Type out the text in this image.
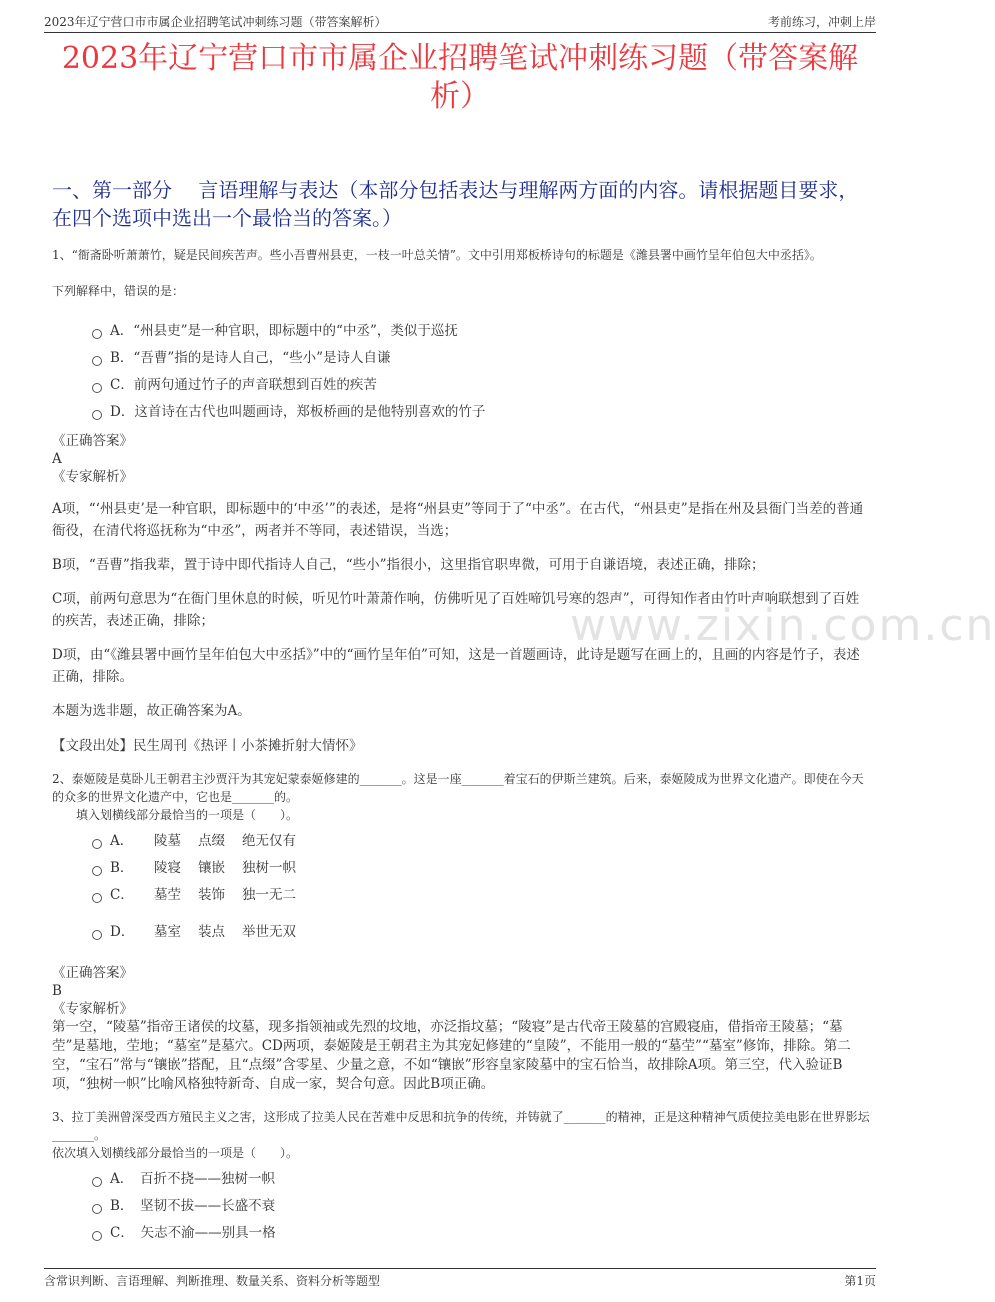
2023年辽宁营口市市属企业招聘笔试冲刺练习题（带答案解析）	考前练习，冲刺上岸
2023年辽宁营口市市属企业招聘笔试冲刺练习题（带答案解析）
一、第一部分　 言语理解与表达（本部分包括表达与理解两方面的内容。请根据题目要求，在四个选项中选出一个最恰当的答案。）
www.zixin.com.cn

1、“衙斋卧听萧萧竹，疑是民间疾苦声。些小吾曹州县吏，一枝一叶总关情”。文中引用郑板桥诗句的标题是《潍县署中画竹呈年伯包大中丞括》。

下列解释中，错误的是：

A．“州县吏”是一种官职，即标题中的“中丞”，类似于巡抚
B．“吾曹”指的是诗人自己，“些小”是诗人自谦
C．前两句通过竹子的声音联想到百姓的疾苦
D．这首诗在古代也叫题画诗，郑板桥画的是他特别喜欢的竹子
《正确答案》
A
《专家解析》

A项，“‘州县吏’是一种官职，即标题中的‘中丞’”的表述，是将“州县吏”等同于了“中丞”。在古代，“州县吏”是指在州及县衙门当差的普通衙役，在清代将巡抚称为“中丞”，两者并不等同，表述错误，当选；

B项，“吾曹”指我辈，置于诗中即代指诗人自己，“些小”指很小，这里指官职卑微，可用于自谦语境，表述正确，排除；

C项，前两句意思为“在衙门里休息的时候，听见竹叶萧萧作响，仿佛听见了百姓啼饥号寒的怨声”，可得知作者由竹叶声响联想到了百姓的疾苦，表述正确，排除；

D项，由“《潍县署中画竹呈年伯包大中丞括》”中的“画竹呈年伯”可知，这是一首题画诗，此诗是题写在画上的，且画的内容是竹子，表述正确，排除。

本题为选非题，故正确答案为A。

【文段出处】民生周刊《热评丨小茶摊折射大情怀》

2、泰姬陵是莫卧儿王朝君主沙贾汗为其宠妃蒙泰姬修建的_______。这是一座_______着宝石的伊斯兰建筑。后来，泰姬陵成为世界文化遗产。即使在今天的众多的世界文化遗产中，它也是_______的。

填入划横线部分最恰当的一项是（　　）。

A． 陵墓 点缀 绝无仅有
B． 陵寝 镶嵌 独树一帜
C． 墓茔 装饰 独一无二
D． 墓室 装点 举世无双
《正确答案》
B
《专家解析》

第一空，“陵墓”指帝王诸侯的坟墓，现多指领袖或先烈的坟地，亦泛指坟墓；“陵寝”是古代帝王陵墓的宫殿寝庙，借指帝王陵墓；“墓茔”是墓地，茔地；“墓室”是墓穴。CD两项，泰姬陵是王朝君主为其宠妃修建的“皇陵”，不能用一般的“墓茔”“墓室”修饰，排除。第二空，“宝石”常与“镶嵌”搭配，且“点缀”含零星、少量之意，不如“镶嵌”形容皇家陵墓中的宝石恰当，故排除A项。第三空，代入验证B项，“独树一帜”比喻风格独特新奇、自成一家，契合句意。因此B项正确。

3、拉丁美洲曾深受西方殖民主义之害，这形成了拉美人民在苦难中反思和抗争的传统，并铸就了_______的精神，正是这种精神气质使拉美电影在世界影坛_______。

依次填入划横线部分最恰当的一项是（　　）。

A．　百折不挠——独树一帜
B．　坚韧不拔——长盛不衰
C．　矢志不渝——别具一格
含常识判断、言语理解、判断推理、数量关系、资料分析等题型	第1页
